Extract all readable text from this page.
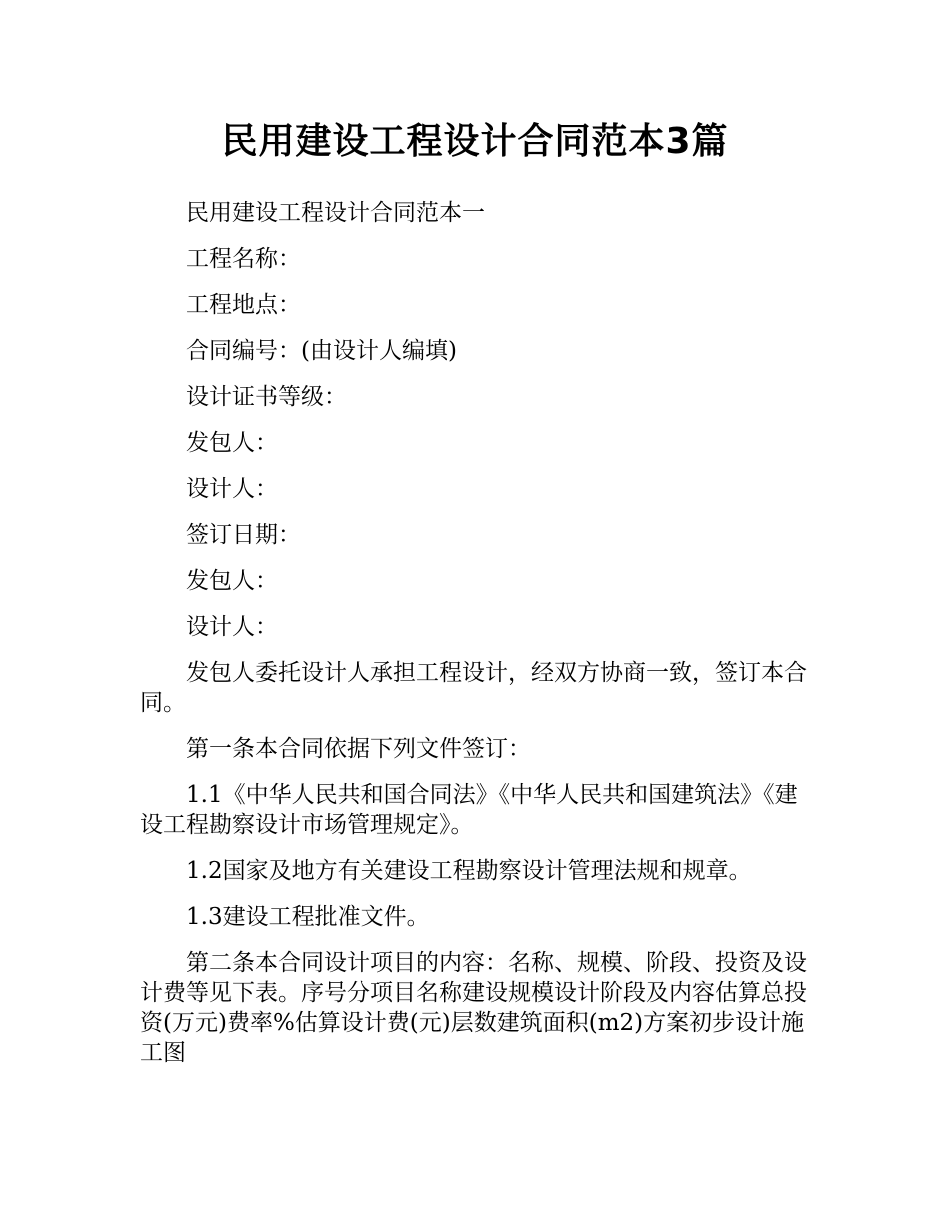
民用建设工程设计合同范本3篇

民用建设工程设计合同范本一

工程名称：

工程地点：

合同编号：(由设计人编填)

设计证书等级：

发包人：

设计人：

签订日期：

发包人：

设计人：

发包人委托设计人承担工程设计，经双方协商一致，签订本合同。

第一条本合同依据下列文件签订：

1.1《中华人民共和国合同法》《中华人民共和国建筑法》《建设工程勘察设计市场管理规定》。

1.2国家及地方有关建设工程勘察设计管理法规和规章。

1.3建设工程批准文件。

第二条本合同设计项目的内容：名称、规模、阶段、投资及设计费等见下表。序号分项目名称建设规模设计阶段及内容估算总投资(万元)费率%估算设计费(元)层数建筑面积(m2)方案初步设计施工图
